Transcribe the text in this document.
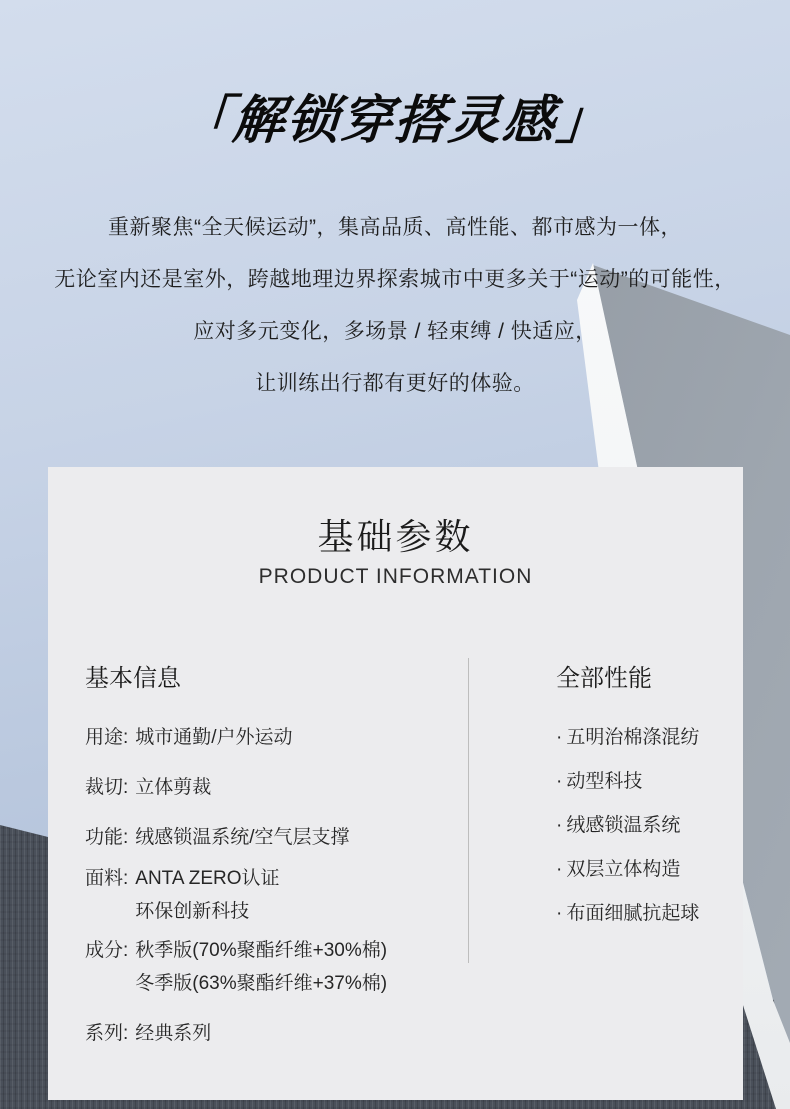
「解锁穿搭灵感」
重新聚焦“全天候运动”，集高品质、高性能、都市感为一体，
无论室内还是室外，跨越地理边界探索城市中更多关于“运动”的可能性，
应对多元变化，多场景 / 轻束缚 / 快适应，
让训练出行都有更好的体验。
基础参数
PRODUCT INFORMATION
基本信息
用途: 城市通勤/户外运动
裁切: 立体剪裁
功能: 绒感锁温系统/空气层支撑
面料: ANTA ZERO认证
环保创新科技
成分: 秋季版(70%聚酯纤维+30%棉)
冬季版(63%聚酯纤维+37%棉)
系列: 经典系列
全部性能
· 五明治棉涤混纺
· 动型科技
· 绒感锁温系统
· 双层立体构造
· 布面细腻抗起球
